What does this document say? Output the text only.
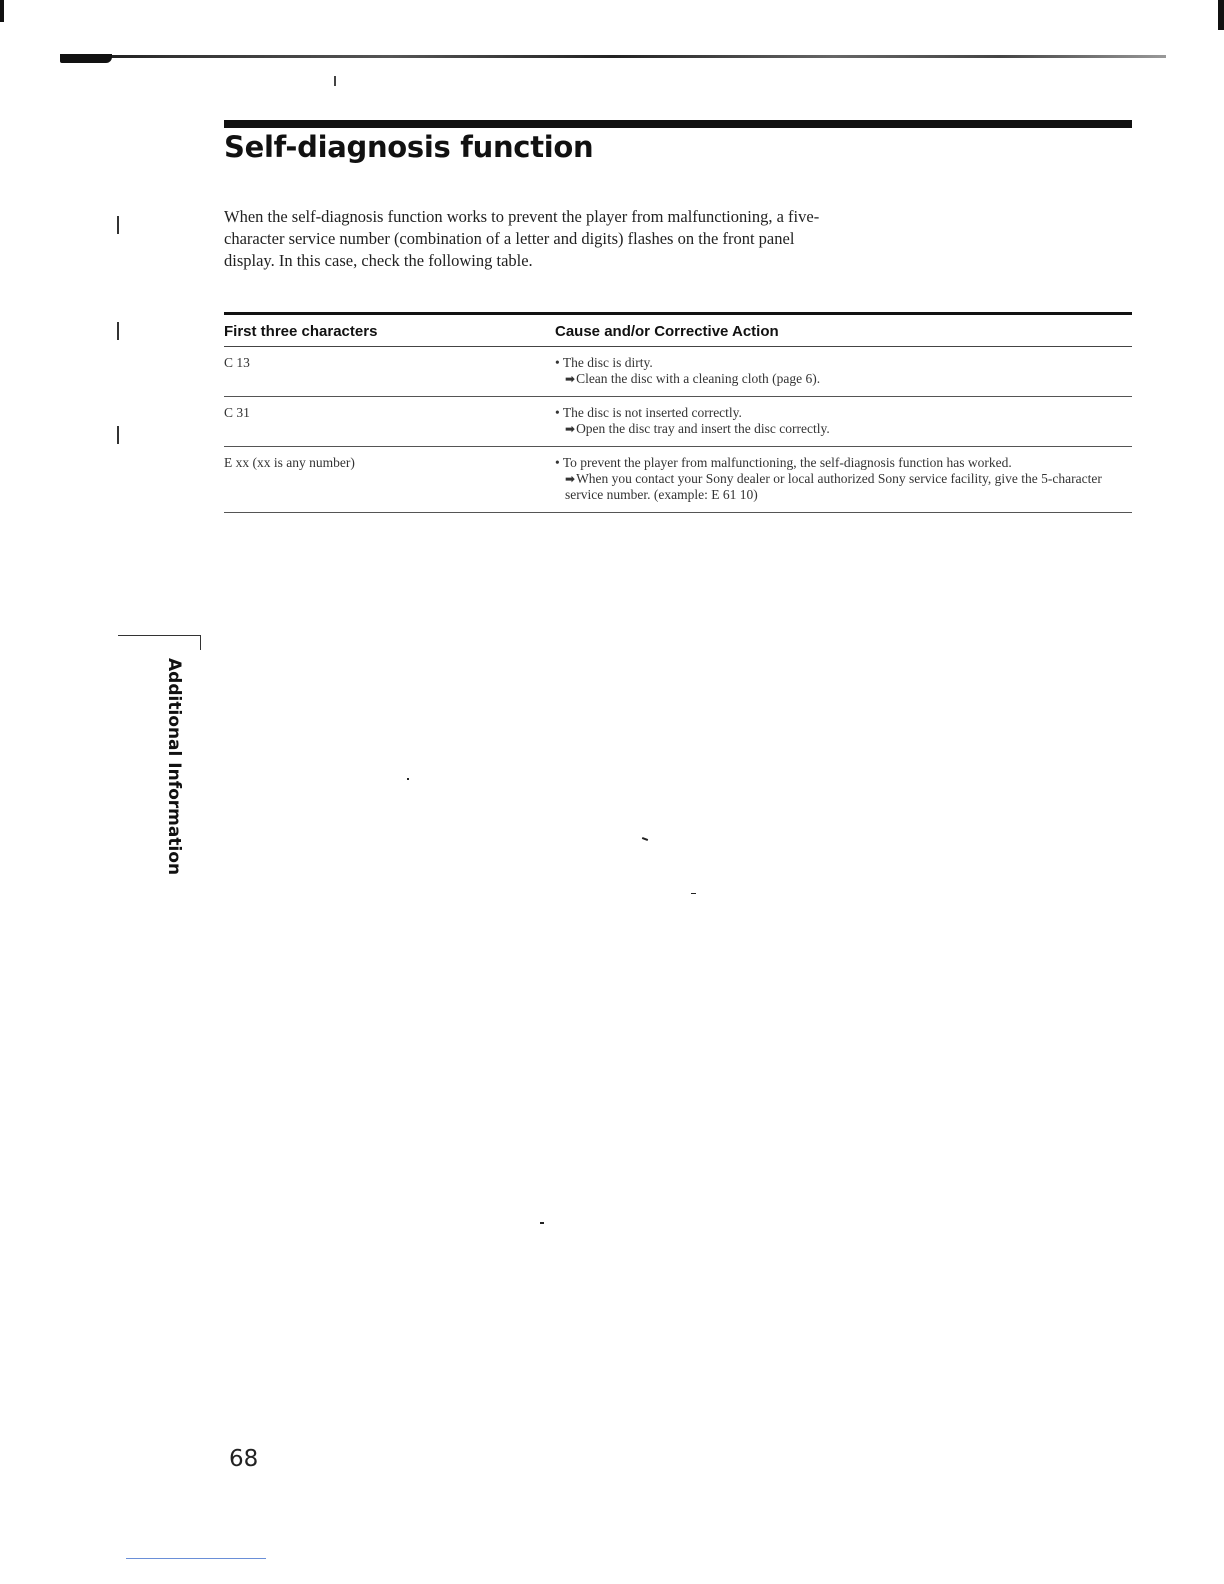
Self-diagnosis function

When the self-diagnosis function works to prevent the player from malfunctioning, a five-character service number (combination of a letter and digits) flashes on the front panel display. In this case, check the following table.

First three characters	Cause and/or Corrective Action
C 13	• The disc is dirty.

➡Clean the disc with a cleaning cloth (page 6).

C 31	• The disc is not inserted correctly.

➡Open the disc tray and insert the disc correctly.

E xx (xx is any number)	• To prevent the player from malfunctioning, the self-diagnosis function has worked.

➡When you contact your Sony dealer or local authorized Sony service facility, give the 5-character service number. (example: E 61 10)

Additional Information
68
